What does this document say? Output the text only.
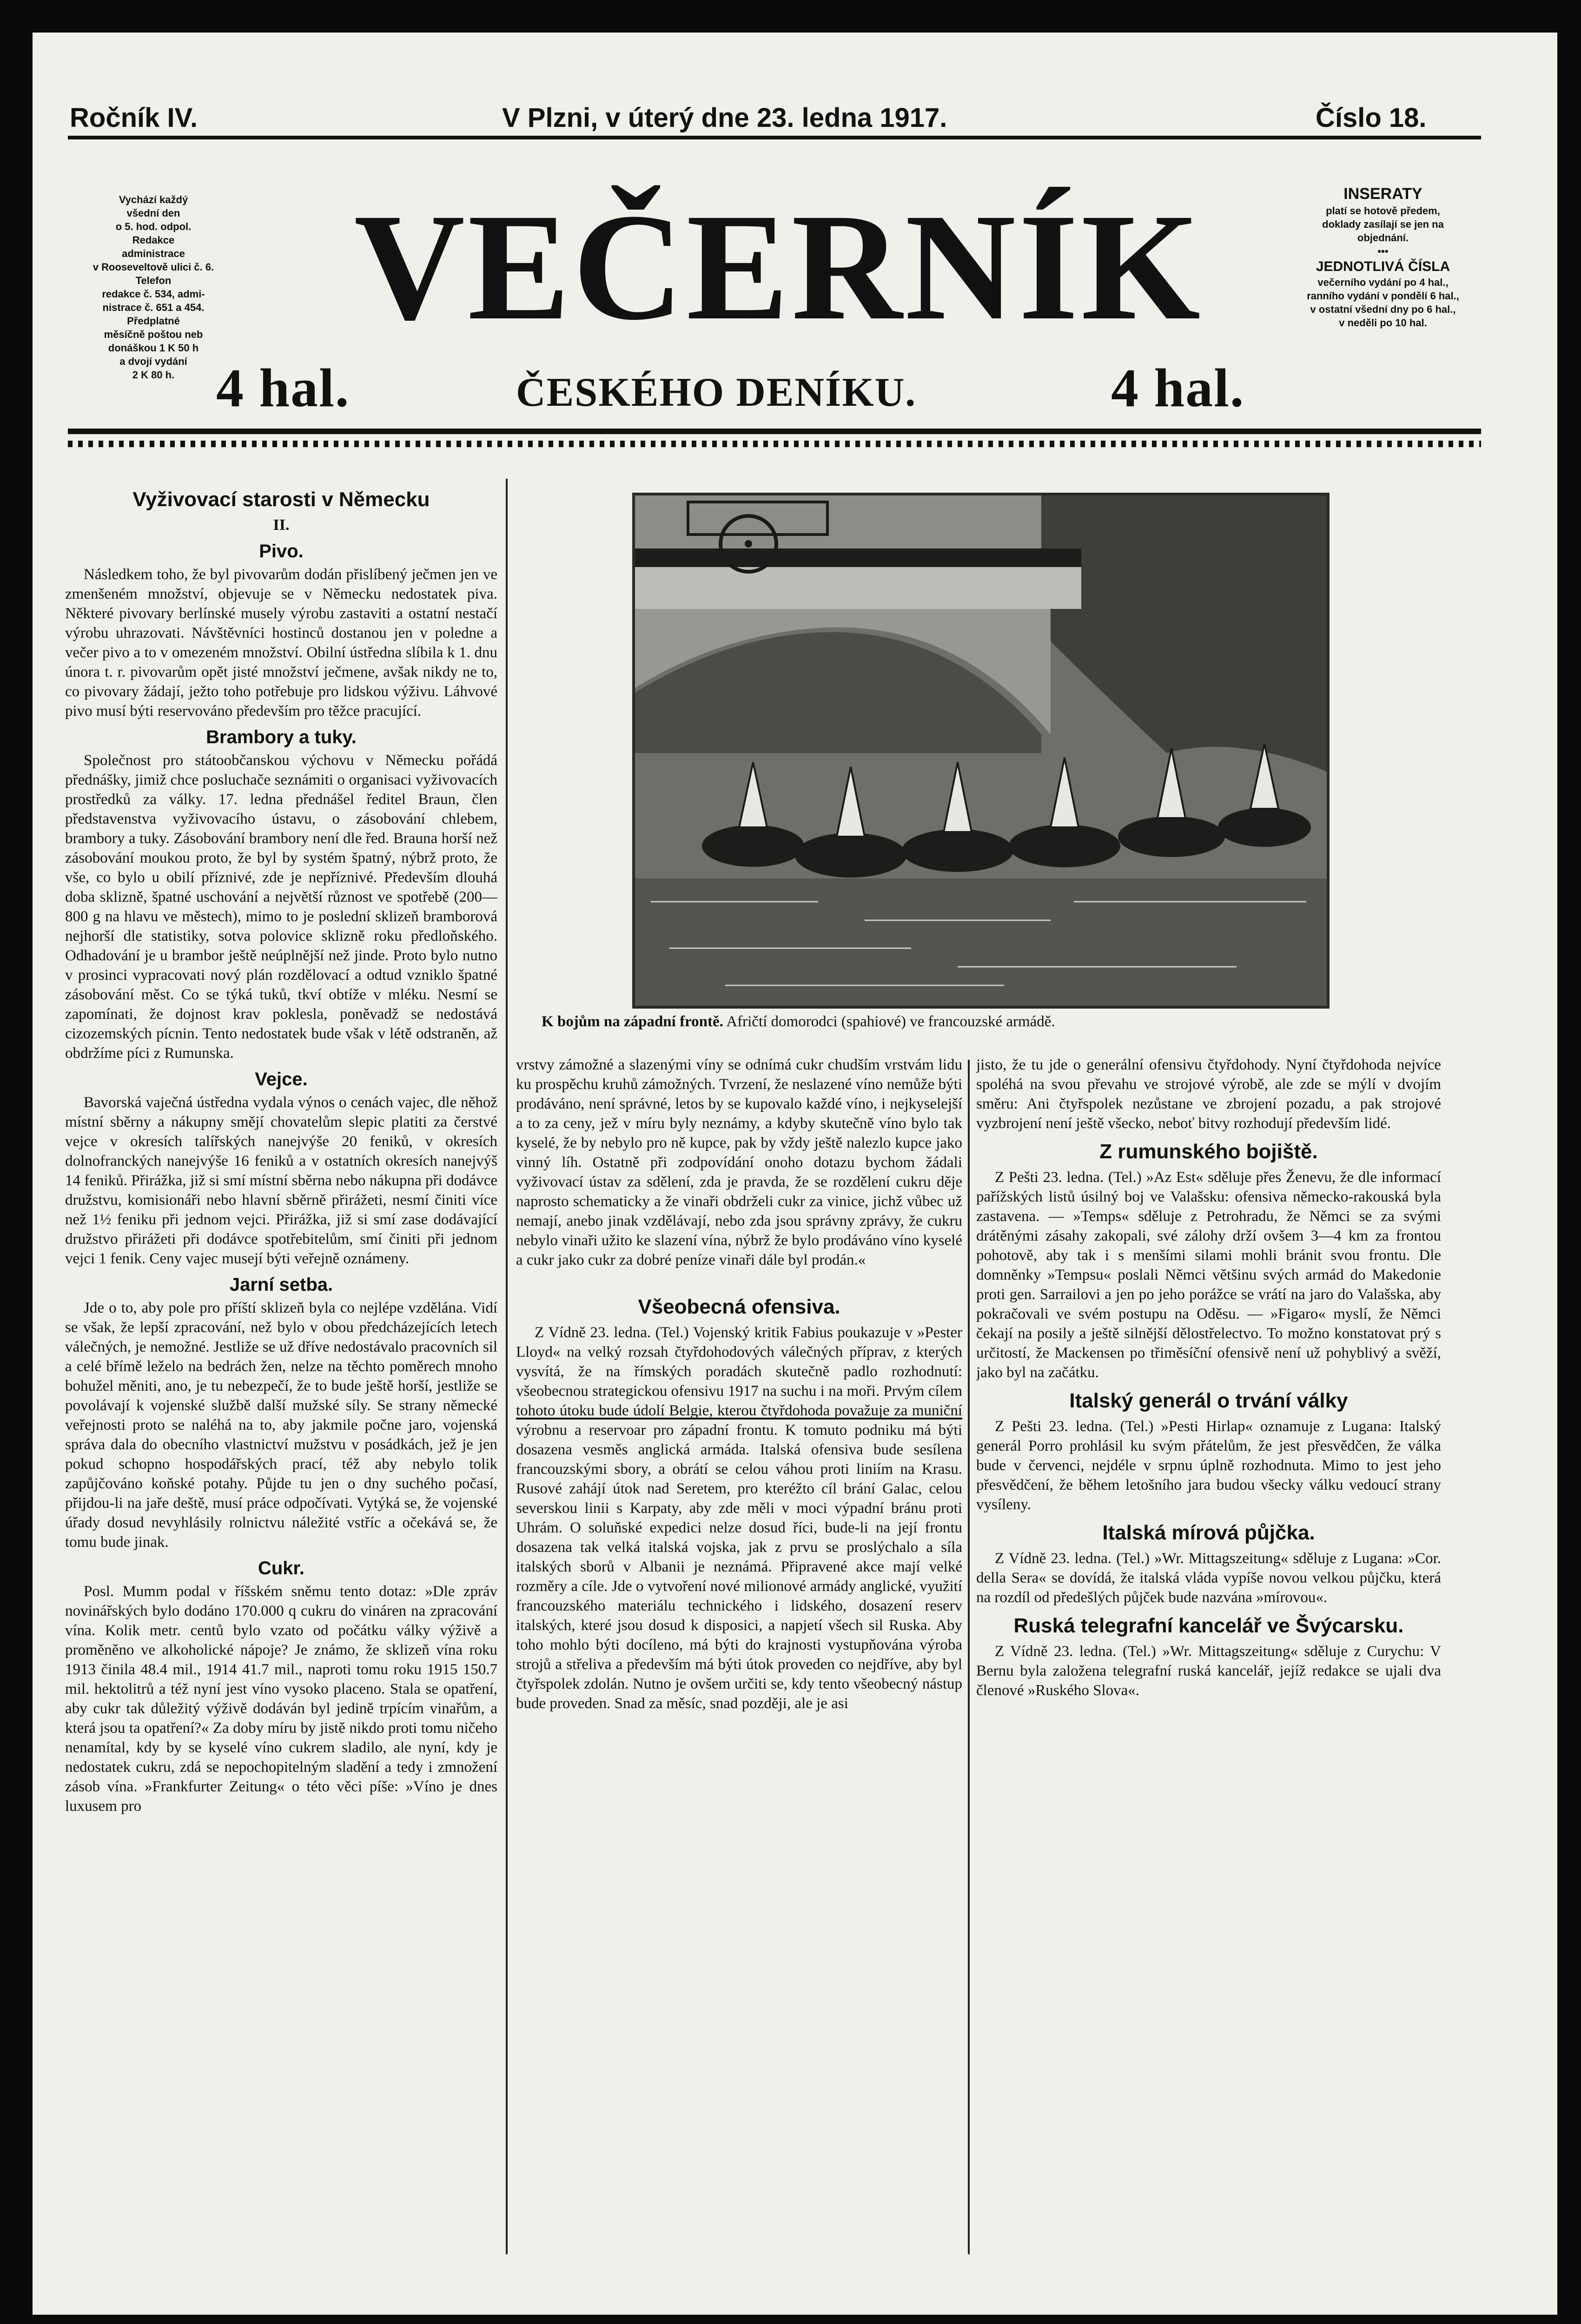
Ročník IV.	V Plzni, v úterý dne 23. ledna 1917.	Číslo 18.
Vychází každý
všední den
o 5. hod. odpol.
Redakce
administrace
v Rooseveltově ulici č. 6.
Telefon
redakce č. 534, admi-
nistrace č. 651 a 454.
Předplatné
měsíčně poštou neb
donáškou 1 K 50 h
a dvojí vydání
2 K 80 h.
VEČERNÍK
4 hal.	ČESKÉHO DENÍKU.	4 hal.
INSERATY
platí se hotově předem, doklady zasílají se jen na objednání.
•••
JEDNOTLIVÁ ČÍSLA
večerního vydání po 4 hal., ranního vydání v pondělí 6 hal., v ostatní všední dny po 6 hal., v neděli po 10 hal.
Vyživovací starosti v Německu
II.
Pivo.

Následkem toho, že byl pivovarům dodán přislíbený ječmen jen ve zmenšeném množství, objevuje se v Německu nedostatek piva. Některé pivovary berlínské musely výrobu zastaviti a ostatní nestačí výrobu uhrazovati. Návštěvníci hostinců dostanou jen v poledne a večer pivo a to v omezeném množství. Obilní ústředna slíbila k 1. dnu února t. r. pivovarům opět jisté množství ječmene, avšak nikdy ne to, co pivovary žádají, ježto toho potřebuje pro lidskou výživu. Láhvové pivo musí býti reservováno především pro těžce pracující.

Brambory a tuky.

Společnost pro státoobčanskou výchovu v Německu pořádá přednášky, jimiž chce posluchače seznámiti o organisaci vyživovacích prostředků za války. 17. ledna přednášel ředitel Braun, člen představenstva vyživovacího ústavu, o zásobování chlebem, brambory a tuky. Zásobování brambory není dle řed. Brauna horší než zásobování moukou proto, že byl by systém špatný, nýbrž proto, že vše, co bylo u obilí příznivé, zde je nepříznivé. Především dlouhá doba sklizně, špatné uschování a největší různost ve spotřebě (200—800 g na hlavu ve městech), mimo to je poslední sklizeň bramborová nejhorší dle statistiky, sotva polovice sklizně roku předloňského. Odhadování je u brambor ještě neúplnější než jinde. Proto bylo nutno v prosinci vypracovati nový plán rozdělovací a odtud vzniklo špatné zásobování měst. Co se týká tuků, tkví obtíže v mléku. Nesmí se zapomínati, že dojnost krav poklesla, poněvadž se nedostává cizozemských pícnin. Tento nedostatek bude však v létě odstraněn, až obdržíme píci z Rumunska.

Vejce.

Bavorská vaječná ústředna vydala výnos o cenách vajec, dle něhož místní sběrny a nákupny smějí chovatelům slepic platiti za čerstvé vejce v okresích talířských nanejvýše 20 feniků, v okresích dolnofranckých nanejvýše 16 feniků a v ostatních okresích nanejvýš 14 feniků. Přirážka, již si smí místní sběrna nebo nákupna při dodávce družstvu, komisionáři nebo hlavní sběrně přirážeti, nesmí činiti více než 1½ feniku při jednom vejci. Přirážka, již si smí zase dodávající družstvo přirážeti při dodávce spotřebitelům, smí činiti při jednom vejci 1 fenik. Ceny vajec musejí býti veřejně oznámeny.

Jarní setba.

Jde o to, aby pole pro příští sklizeň byla co nejlépe vzdělána. Vidí se však, že lepší zpracování, než bylo v obou předcházejících letech válečných, je nemožné. Jestliže se už dříve nedostávalo pracovních sil a celé břímě leželo na bedrách žen, nelze na těchto poměrech mnoho bohužel měniti, ano, je tu nebezpečí, že to bude ještě horší, jestliže se povolávají k vojenské službě další mužské síly. Se strany německé veřejnosti proto se naléhá na to, aby jakmile počne jaro, vojenská správa dala do obecního vlastnictví mužstvu v posádkách, jež je jen pokud schopno hospodářských prací, též aby nebylo tolik zapůjčováno koňské potahy. Půjde tu jen o dny suchého počasí, přijdou-li na jaře deště, musí práce odpočívati. Vytýká se, že vojenské úřady dosud nevyhlásily rolnictvu náležité vstříc a očekává se, že tomu bude jinak.

Cukr.

Posl. Mumm podal v říšském sněmu tento dotaz: »Dle zpráv novinářských bylo dodáno 170.000 q cukru do vináren na zpracování vína. Kolik metr. centů bylo vzato od počátku války výživě a proměněno ve alkoholické nápoje? Je známo, že sklizeň vína roku 1913 činila 48.4 mil., 1914 41.7 mil., naproti tomu roku 1915 150.7 mil. hektolitrů a též nyní jest víno vysoko placeno. Stala se opatření, aby cukr tak důležitý výživě dodáván byl jedině trpícím vinařům, a která jsou ta opatření?« Za doby míru by jistě nikdo proti tomu ničeho nenamítal, kdy by se kyselé víno cukrem sladilo, ale nyní, kdy je nedostatek cukru, zdá se nepochopitelným sladění a tedy i zmnožení zásob vína. »Frankfurter Zeitung« o této věci píše: »Víno je dnes luxusem pro

K bojům na západní frontě. Afričtí domorodci (spahiové) ve francouzské armádě.

vrstvy zámožné a slazenými víny se odnímá cukr chudším vrstvám lidu ku prospěchu kruhů zámožných. Tvrzení, že neslazené víno nemůže býti prodáváno, není správné, letos by se kupovalo každé víno, i nejkyselejší a to za ceny, jež v míru byly neznámy, a kdyby skutečně víno bylo tak kyselé, že by nebylo pro ně kupce, pak by vždy ještě nalezlo kupce jako vinný líh. Ostatně při zodpovídání onoho dotazu bychom žádali vyživovací ústav za sdělení, zda je pravda, že se rozdělení cukru děje naprosto schematicky a že vinaři obdrželi cukr za vinice, jichž vůbec už nemají, anebo jinak vzdělávají, nebo zda jsou správny zprávy, že cukru nebylo vinaři užito ke slazení vína, nýbrž že bylo prodáváno víno kyselé a cukr jako cukr za dobré peníze vinaři dále byl prodán.«

Všeobecná ofensiva.

Z Vídně 23. ledna. (Tel.) Vojenský kritik Fabius poukazuje v »Pester Lloyd« na velký rozsah čtyřdohodových válečných příprav, z kterých vysvítá, že na římských poradách skutečně padlo rozhodnutí: všeobecnou strategickou ofensivu 1917 na suchu i na moři. Prvým cílem tohoto útoku bude údolí Belgie, kterou čtyřdohoda považuje za muniční výrobnu a reservoar pro západní frontu. K tomuto podniku má býti dosazena vesměs anglická armáda. Italská ofensiva bude sesílena francouzskými sbory, a obrátí se celou váhou proti liniím na Krasu. Rusové zahájí útok nad Seretem, pro kteréžto cíl brání Galac, celou severskou linii s Karpaty, aby zde měli v moci výpadní bránu proti Uhrám. O soluňské expedici nelze dosud říci, bude-li na její frontu dosazena tak velká italská vojska, jak z prvu se proslýchalo a síla italských sborů v Albanii je neznámá. Připravené akce mají velké rozměry a cíle. Jde o vytvoření nové milionové armády anglické, využití francouzského materiálu technického i lidského, dosazení reserv italských, které jsou dosud k disposici, a napjetí všech sil Ruska. Aby toho mohlo býti docíleno, má býti do krajnosti vystupňována výroba strojů a střeliva a především má býti útok proveden co nejdříve, aby byl čtyřspolek zdolán. Nutno je ovšem určiti se, kdy tento všeobecný nástup bude proveden. Snad za měsíc, snad později, ale je asi

jisto, že tu jde o generální ofensivu čtyřdohody. Nyní čtyřdohoda nejvíce spoléhá na svou převahu ve strojové výrobě, ale zde se mýlí v dvojím směru: Ani čtyřspolek nezůstane ve zbrojení pozadu, a pak strojové vyzbrojení není ještě všecko, neboť bitvy rozhodují především lidé.

Z rumunského bojiště.

Z Pešti 23. ledna. (Tel.) »Az Est« sděluje přes Ženevu, že dle informací pařížských listů úsilný boj ve Valašsku: ofensiva německo-rakouská byla zastavena. — »Temps« sděluje z Petrohradu, že Němci se za svými drátěnými zásahy zakopali, své zálohy drží ovšem 3—4 km za frontou pohotově, aby tak i s menšími silami mohli bránit svou frontu. Dle domněnky »Tempsu« poslali Němci většinu svých armád do Makedonie proti gen. Sarrailovi a jen po jeho porážce se vrátí na jaro do Valašska, aby pokračovali ve svém postupu na Oděsu. — »Figaro« myslí, že Němci čekají na posily a ještě silnější dělostřelectvo. To možno konstatovat prý s určitostí, že Mackensen po třiměsíční ofensivě není už pohyblivý a svěží, jako byl na začátku.

Italský generál o trvání války

Z Pešti 23. ledna. (Tel.) »Pesti Hirlap« oznamuje z Lugana: Italský generál Porro prohlásil ku svým přátelům, že jest přesvědčen, že válka bude v červenci, nejdéle v srpnu úplně rozhodnuta. Mimo to jest jeho přesvědčení, že během letošního jara budou všecky válku vedoucí strany vysíleny.

Italská mírová půjčka.

Z Vídně 23. ledna. (Tel.) »Wr. Mittagszeitung« sděluje z Lugana: »Cor. della Sera« se dovídá, že italská vláda vypíše novou velkou půjčku, která na rozdíl od předešlých půjček bude nazvána »mírovou«.

Ruská telegrafní kancelář ve Švýcarsku.

Z Vídně 23. ledna. (Tel.) »Wr. Mittagszeitung« sděluje z Curychu: V Bernu byla založena telegrafní ruská kancelář, jejíž redakce se ujali dva členové »Ruského Slova«.
